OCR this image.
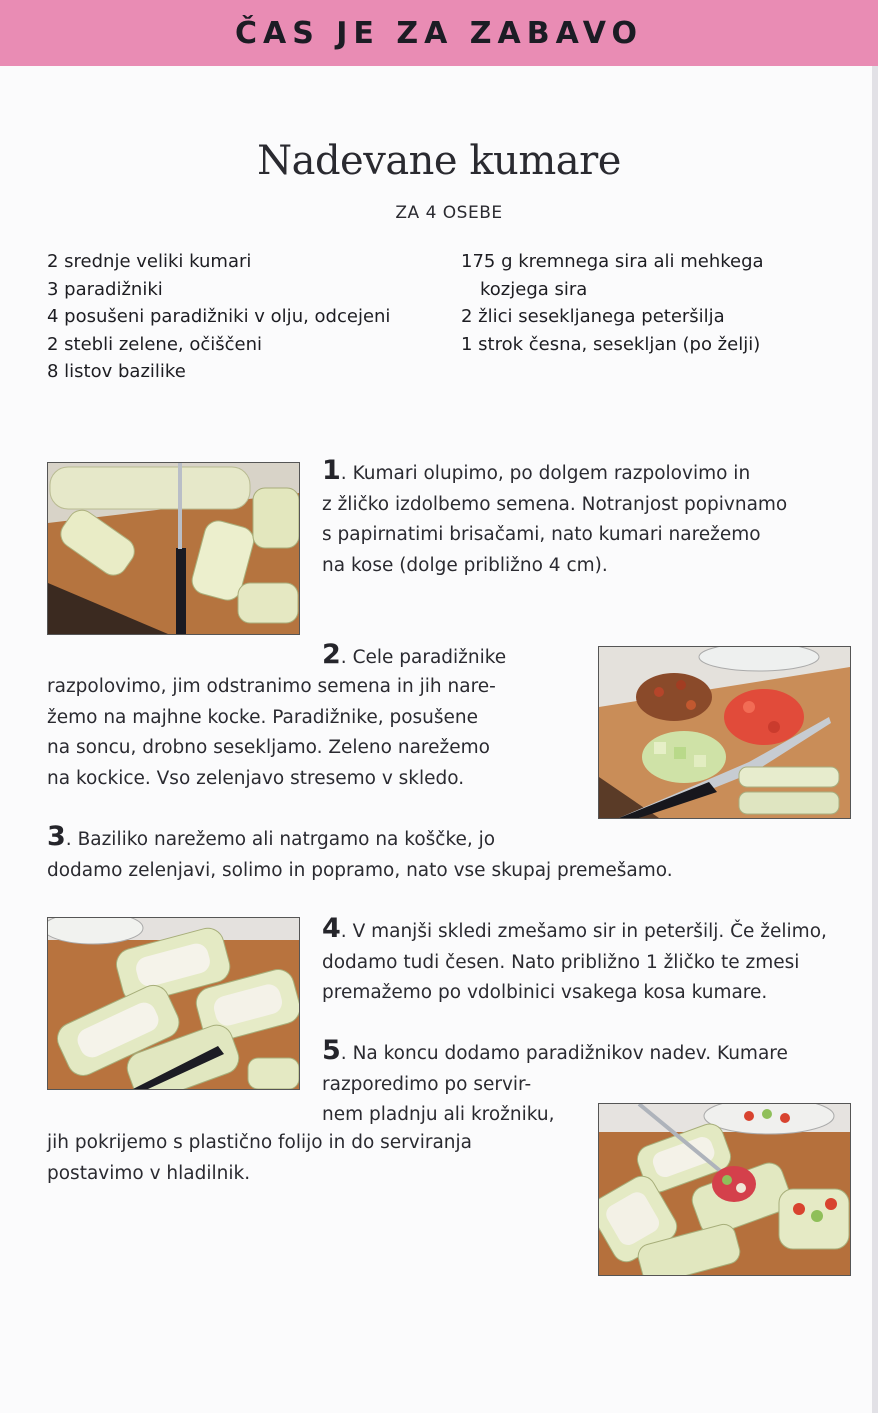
ČAS JE ZA ZABAVO
Nadevane kumare
ZA 4 OSEBE
2 srednje veliki kumari
3 paradižniki
4 posušeni paradižniki v olju, odcejeni
2 stebli zelene, očiščeni
8 listov bazilike
175 g kremnega sira ali mehkega
kozjega sira
2 žlici sesekljanega peteršilja
1 strok česna, sesekljan (po želji)
1. Kumari olupimo, po dolgem razpolovimo in
z žličko izdolbemo semena. Notranjost popivnamo
s papirnatimi brisačami, nato kumari narežemo
na kose (dolge približno 4 cm).
2. Cele paradižnike
razpolovimo, jim odstranimo semena in jih nare-
žemo na majhne kocke. Paradižnike, posušene
na soncu, drobno sesekljamo. Zeleno narežemo
na kockice. Vso zelenjavo stresemo v skledo.
3. Baziliko narežemo ali natrgamo na koščke, jo
dodamo zelenjavi, solimo in popramo, nato vse skupaj premešamo.
4. V manjši skledi zmešamo sir in peteršilj. Če želimo,
dodamo tudi česen. Nato približno 1 žličko te zmesi
premažemo po vdolbinici vsakega kosa kumare.
5. Na koncu dodamo paradižnikov nadev. Kumare
razporedimo po servir-
nem pladnju ali krožniku,
jih pokrijemo s plastično folijo in do serviranja
postavimo v hladilnik.
